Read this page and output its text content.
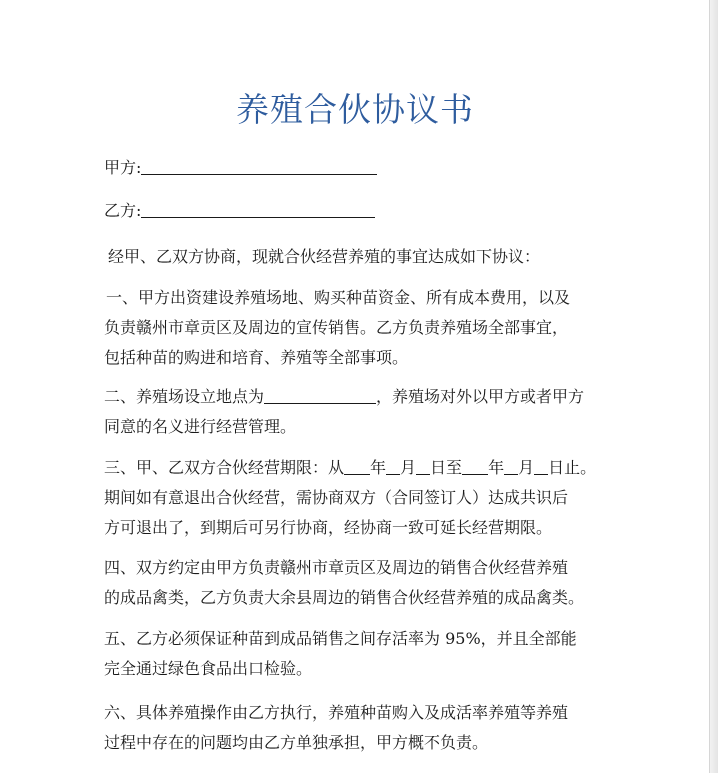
养殖合伙协议书
甲方:
乙方:

经甲、乙双方协商，现就合伙经营养殖的事宜达成如下协议：

一、甲方出资建设养殖场地、购买种苗资金、所有成本费用，以及
负责赣州市章贡区及周边的宣传销售。乙方负责养殖场全部事宜，
包括种苗的购进和培育、养殖等全部事项。

二、养殖场设立地点为	，养殖场对外以甲方或者甲方
同意的名义进行经营管理。

三、甲、乙双方合伙经营期限：从 年 月 日至 年 月 日止。
期间如有意退出合伙经营，需协商双方（合同签订人）达成共识后
方可退出了，到期后可另行协商，经协商一致可延长经营期限。

四、双方约定由甲方负责赣州市章贡区及周边的销售合伙经营养殖
的成品禽类，乙方负责大余县周边的销售合伙经营养殖的成品禽类。

五、乙方必须保证种苗到成品销售之间存活率为 95%，并且全部能
完全通过绿色食品出口检验。

六、具体养殖操作由乙方执行，养殖种苗购入及成活率养殖等养殖
过程中存在的问题均由乙方单独承担，甲方概不负责。
